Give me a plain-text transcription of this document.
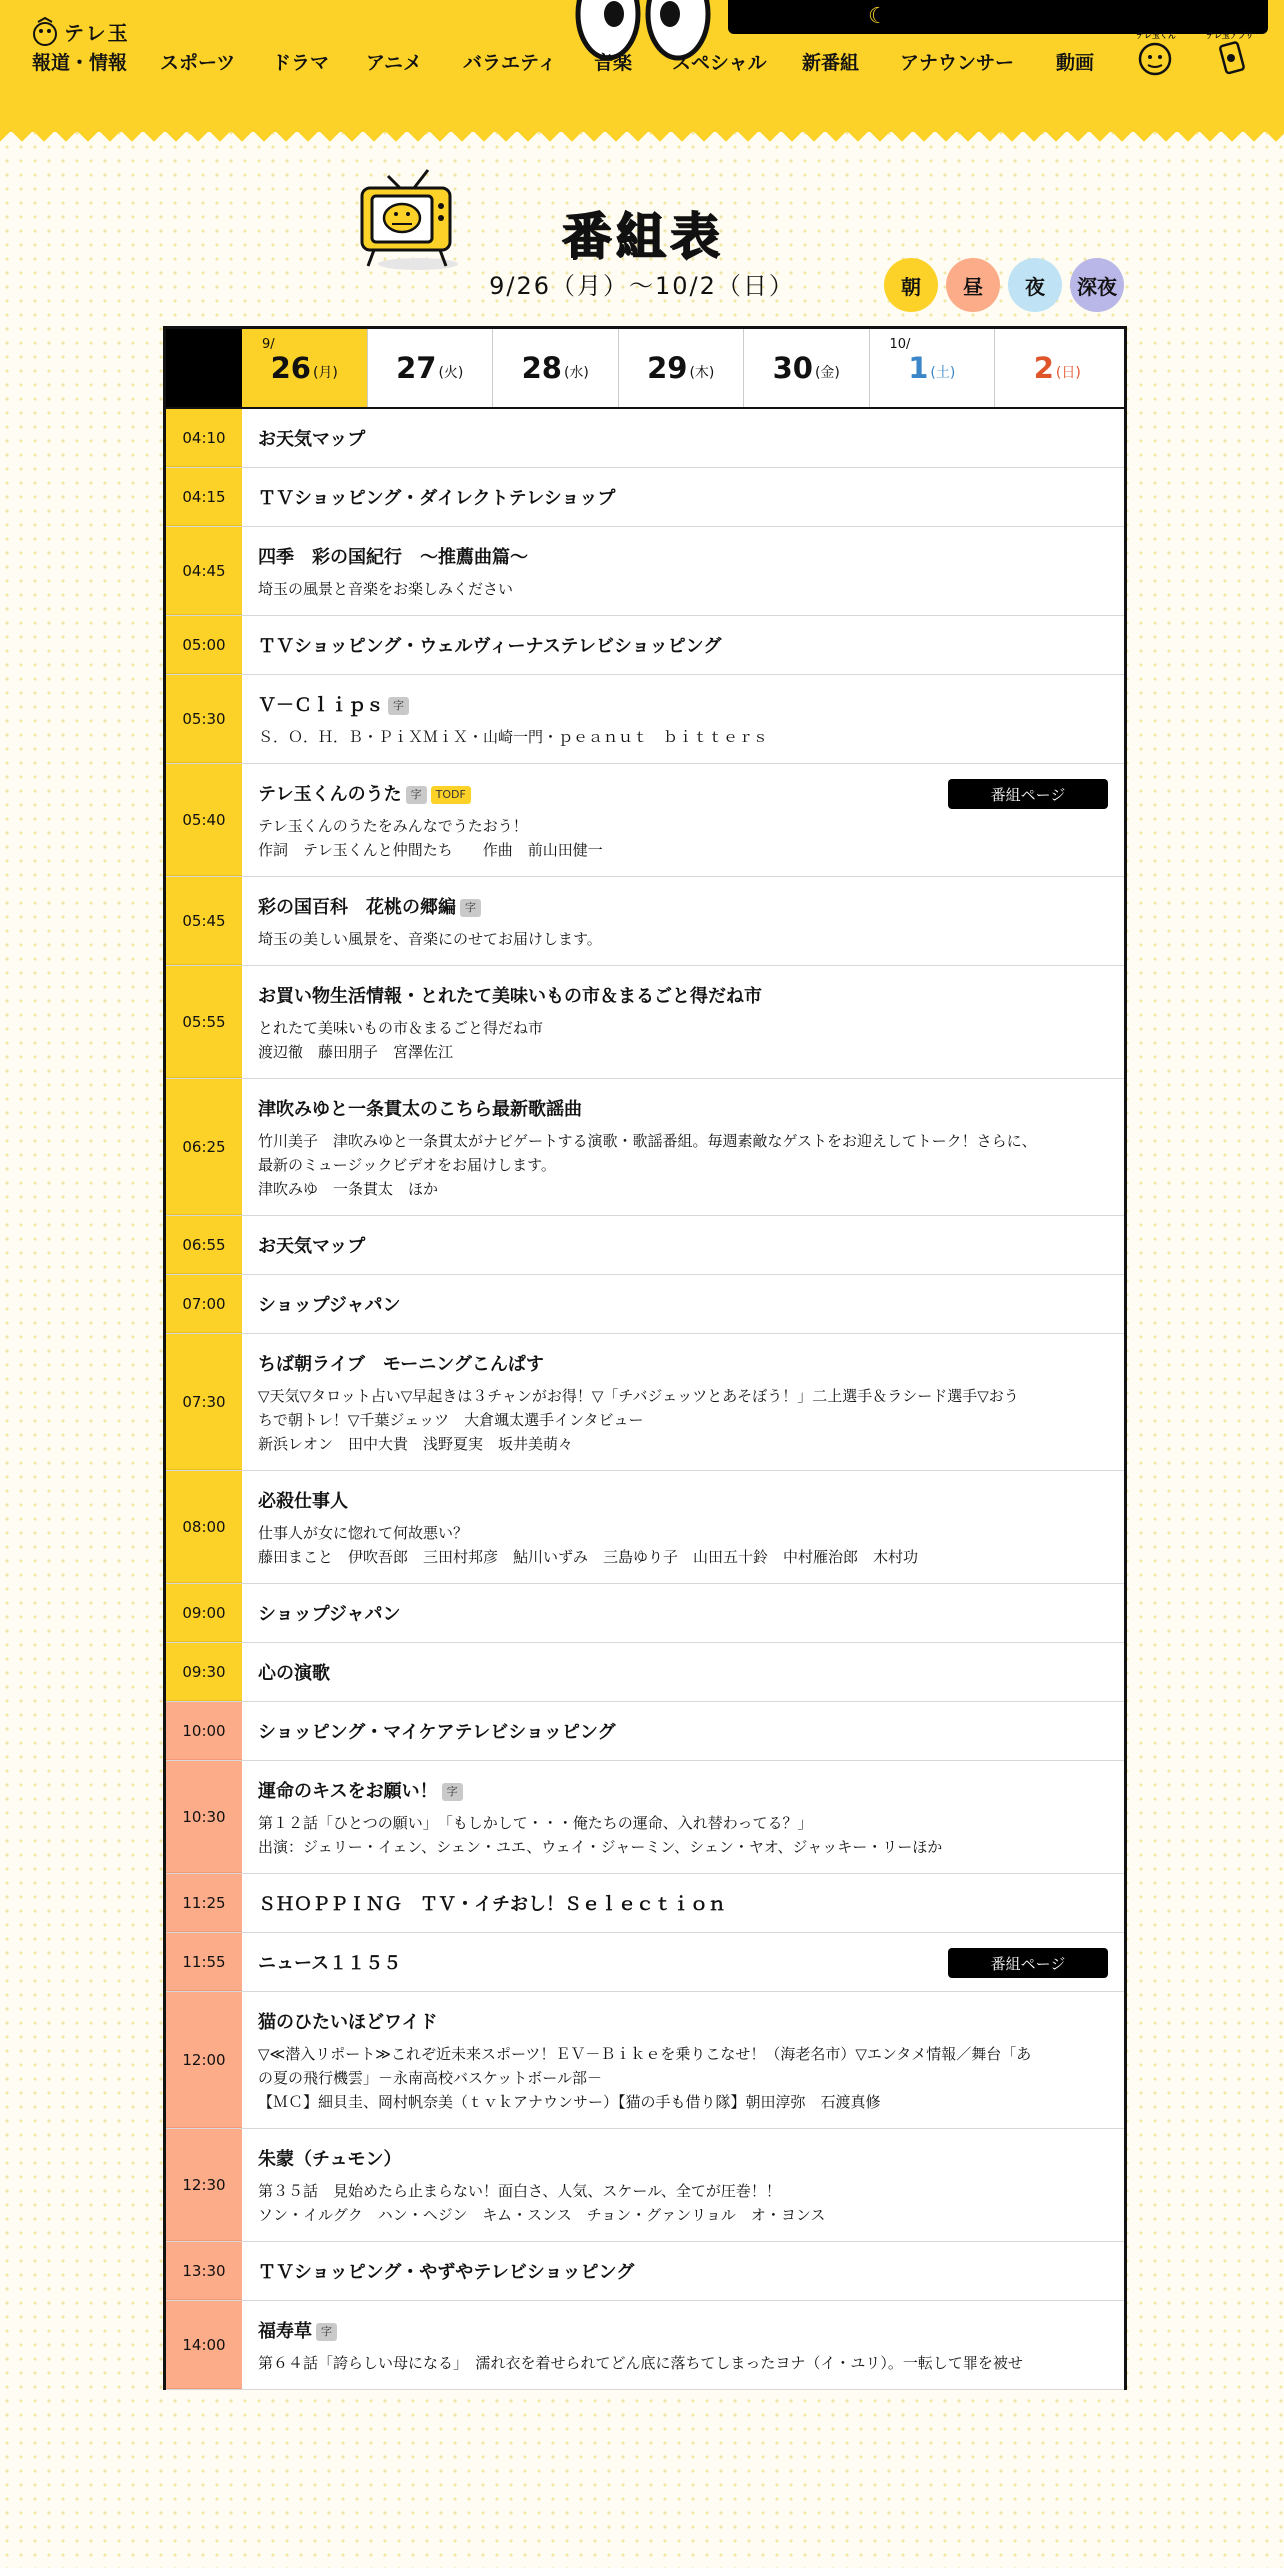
テレ玉
☾
報道・情報 スポーツ ドラマ アニメ バラエティ 音楽 スペシャル 新番組 アナウンサー 動画
テレ玉くん	テレ玉アプリ
番組表
9/26（月）〜10/2（日）	朝	昼	夜	深夜
9/
26 (月) 27 (火) 28 (水) 29 (木) 30 (金)
10/
1 (土)	2 (日)
04:10	お天気マップ
04:15	ＴＶショッピング・ダイレクトテレショップ
04:45
四季　彩の国紀行　～推薦曲篇～
埼玉の風景と音楽をお楽しみください
05:00	ＴＶショッピング・ウェルヴィーナステレビショッピング
05:30
Ｖ－Ｃｌｉｐｓ 字
Ｓ．Ｏ．Ｈ．Ｂ・ＰｉＸＭｉＸ・山崎一門・ｐｅａｎｕｔ　ｂｉｔｔｅｒｓ
05:40
テレ玉くんのうた 字	TODF
テレ玉くんのうたをみんなでうたおう！
作詞　テレ玉くんと仲間たち　　作曲　前山田健一
番組ページ
05:45
彩の国百科　花桃の郷編 字
埼玉の美しい風景を、音楽にのせてお届けします。
05:55
お買い物生活情報・とれたて美味いもの市＆まるごと得だね市
とれたて美味いもの市＆まるごと得だね市
渡辺徹　藤田朋子　宮澤佐江
06:25
津吹みゆと一条貫太のこちら最新歌謡曲
竹川美子　津吹みゆと一条貫太がナビゲートする演歌・歌謡番組。毎週素敵なゲストをお迎えしてトーク！さらに、
最新のミュージックビデオをお届けします。
津吹みゆ　一条貫太　ほか
06:55	お天気マップ
07:00	ショップジャパン
07:30
ちば朝ライブ　モーニングこんぱす
▽天気▽タロット占い▽早起きは３チャンがお得！▽「チバジェッツとあそぼう！」二上選手＆ラシード選手▽おう
ちで朝トレ！▽千葉ジェッツ　大倉颯太選手インタビュー
新浜レオン　田中大貴　浅野夏実　坂井美萌々
08:00
必殺仕事人
仕事人が女に惚れて何故悪い？
藤田まこと　伊吹吾郎　三田村邦彦　鮎川いずみ　三島ゆり子　山田五十鈴　中村雁治郎　木村功
09:00	ショップジャパン
09:30	心の演歌
10:00	ショッピング・マイケアテレビショッピング
10:30
運命のキスをお願い！ 字
第１２話「ひとつの願い」　「もしかして・・・俺たちの運命、入れ替わってる？」
出演：ジェリー・イェン、シェン・ユエ、ウェイ・ジャーミン、シェン・ヤオ、ジャッキー・リーほか
11:25	ＳＨＯＰＰＩＮＧ　ＴＶ・イチおし！Ｓｅｌｅｃｔｉｏｎ
11:55	ニュース１１５５	番組ページ
12:00
猫のひたいほどワイド
▽≪潜入リポート≫これぞ近未来スポーツ！ＥＶ－Ｂｉｋｅを乗りこなせ！（海老名市）▽エンタメ情報／舞台「あ
の夏の飛行機雲」－永南高校バスケットボール部－
【ＭＣ】細貝圭、岡村帆奈美（ｔｖｋアナウンサー）【猫の手も借り隊】朝田淳弥　石渡真修
12:30
朱蒙（チュモン）
第３５話　見始めたら止まらない！面白さ、人気、スケール、全てが圧巻！！
ソン・イルグク　ハン・ヘジン　キム・スンス　チョン・グァンリョル　オ・ヨンス
13:30	ＴＶショッピング・やずやテレビショッピング
14:00
福寿草 字
第６４話「誇らしい母になる」　濡れ衣を着せられてどん底に落ちてしまったヨナ（イ・ユリ）。一転して罪を被せ
